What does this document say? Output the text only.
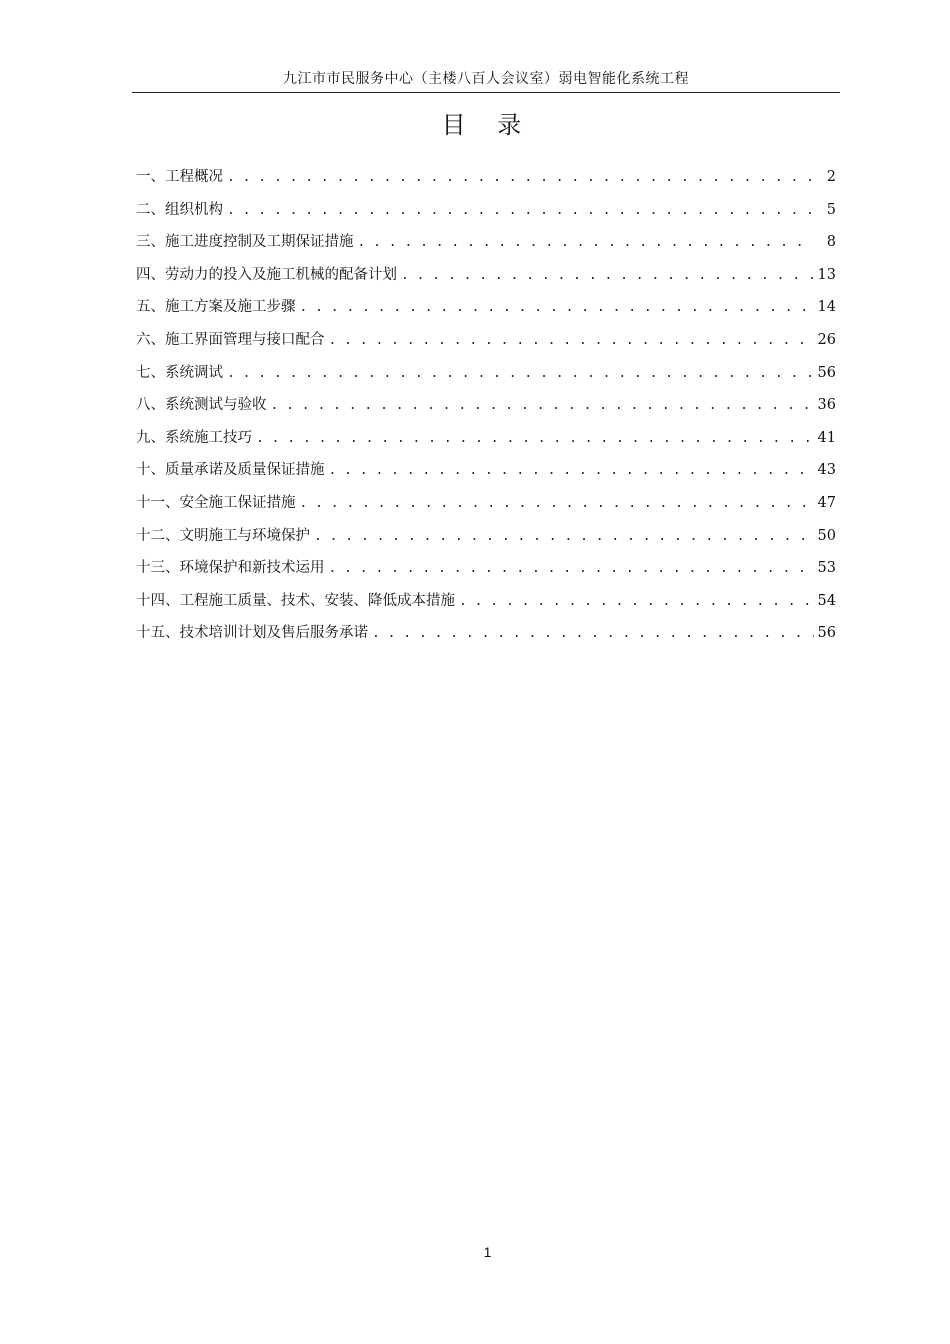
九江市市民服务中心（主楼八百人会议室）弱电智能化系统工程
目 录
一、工程概况 . . .	2
二、组织机构 . . .	5
三、施工进度控制及工期保证措施 . . .	8
四、劳动力的投入及施工机械的配备计划 . . .	13
五、施工方案及施工步骤 . . .	14
六、施工界面管理与接口配合 . . .	26
七、系统调试 . . .	56
八、系统测试与验收 . . .	36
九、系统施工技巧 . . .	41
十、质量承诺及质量保证措施 . . .	43
十一、安全施工保证措施 . . .	47
十二、文明施工与环境保护 . . .	50
十三、环境保护和新技术运用 . . .	53
十四、工程施工质量、技术、安装、降低成本措施 . . .	54
十五、技术培训计划及售后服务承诺 . . .	56
1
